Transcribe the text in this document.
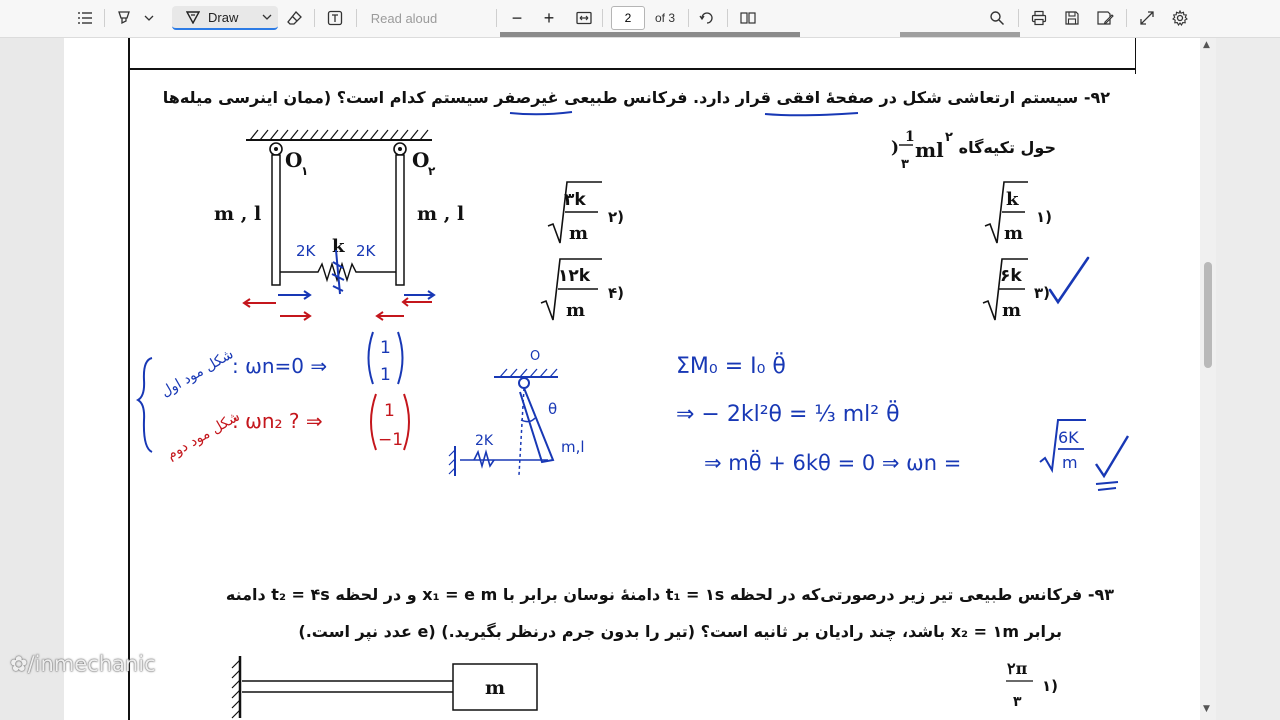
Draw	Read aloud	− +	2	of 3
▲
▼
۹۲- سیستم ارتعاشی شکل در صفحهٔ افقی قرار دارد. فرکانس طبیعی غیرصفر سیستم کدام است؟ (ممان اینرسی میله‌ها
حول تکیه‌گاه
)
1
۳
ml
۲
O
۱	O
۲
m , l	m , l
k
۳k
m
۲)
۱۲k
m
۴)
k
m
۱)
۶k
m
۳)
2K	2K
شکل مود اول
: ωn=0 ⇒
1
1
شکل مود دوم
: ωn₂ ? ⇒	1
−1
O
θ
2K	m,l
ΣM₀ = I₀ θ̈
⇒ − 2kl²θ = ⅓ ml² θ̈
⇒ mθ̈ + 6kθ = 0 ⇒ ωn =
6K
m
۹۳- فرکانس طبیعی تیر زیر درصورتی‌که در لحظه t₁ = ۱s دامنهٔ نوسان برابر با x₁ = e m و در لحظه t₂ = ۴s دامنه
برابر x₂ = ۱m باشد، چند رادیان بر ثانیه است؟ (تیر را بدون جرم درنظر بگیرید.) (e عدد نپر است.)
m
۲π
۳
۱)
✿/inmechanic
